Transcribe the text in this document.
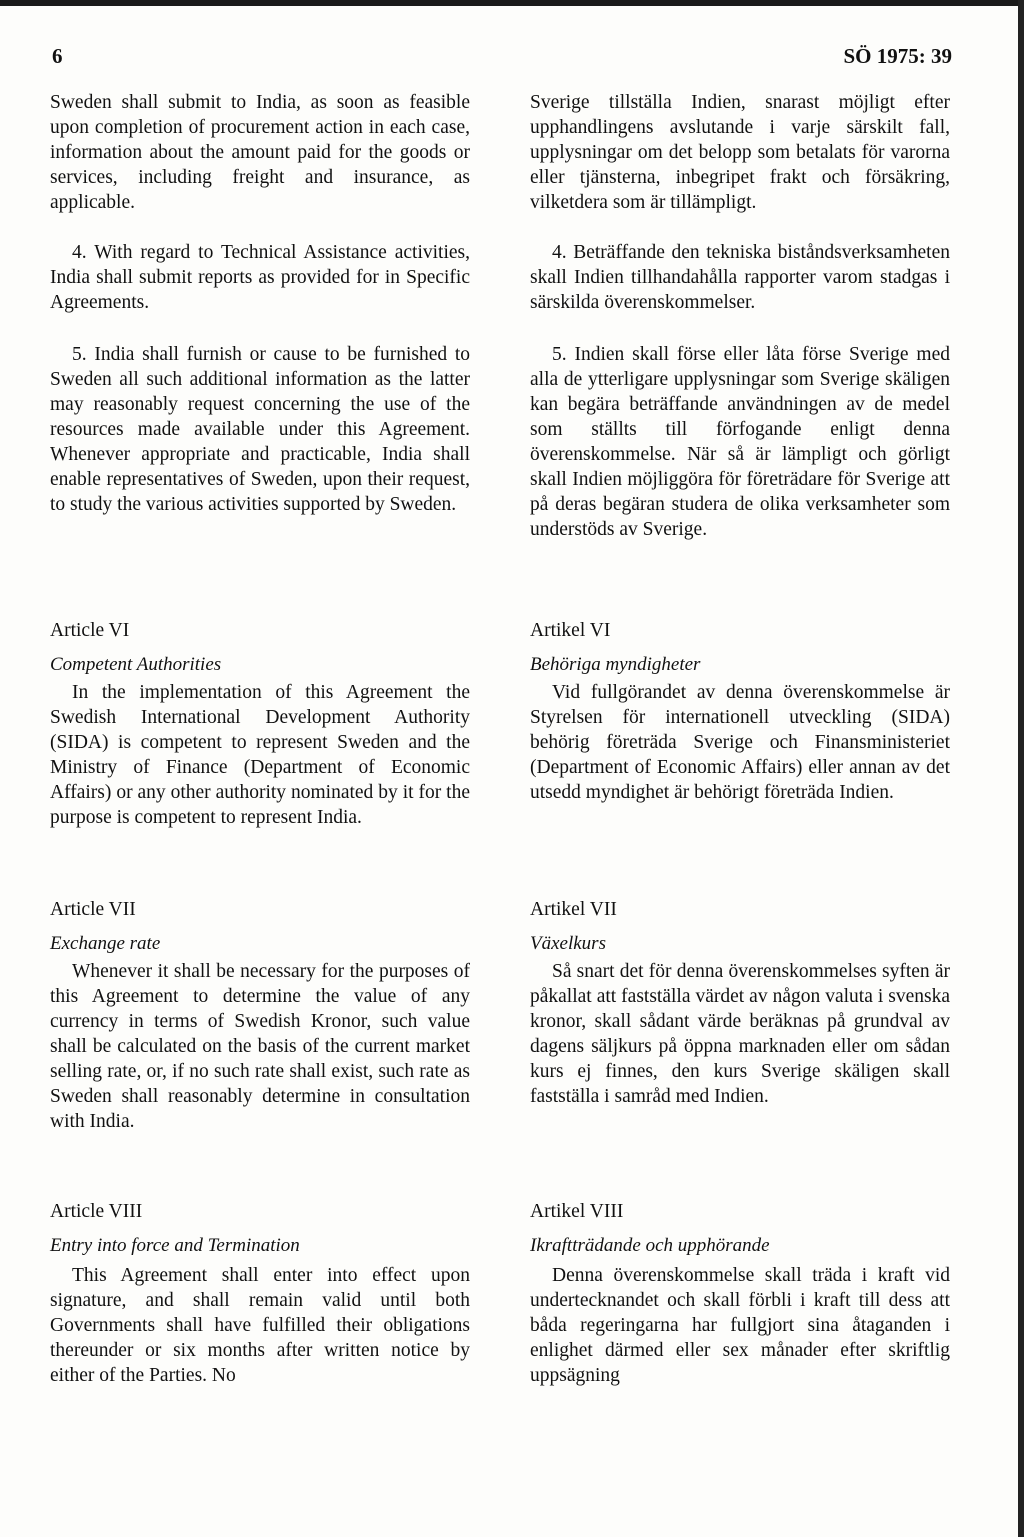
6	SÖ 1975: 39

Sweden shall submit to India, as soon as feasible upon completion of procurement action in each case, information about the amount paid for the goods or services, including freight and insurance, as applicable.

4. With regard to Technical Assistance activities, India shall submit reports as provided for in Specific Agreements.

5. India shall furnish or cause to be furnished to Sweden all such additional information as the latter may reasonably request concerning the use of the resources made available under this Agreement. Whenever appropriate and practicable, India shall enable representatives of Sweden, upon their request, to study the various activities supported by Sweden.

Article VI
Competent Authorities

In the implementation of this Agreement the Swedish International Development Authority (SIDA) is competent to represent Sweden and the Ministry of Finance (Department of Economic Affairs) or any other authority nominated by it for the purpose is competent to represent India.

Article VII
Exchange rate

Whenever it shall be necessary for the purposes of this Agreement to determine the value of any currency in terms of Swedish Kronor, such value shall be calculated on the basis of the current market selling rate, or, if no such rate shall exist, such rate as Sweden shall reasonably determine in consultation with India.

Article VIII
Entry into force and Termination

This Agreement shall enter into effect upon signature, and shall remain valid until both Governments shall have fulfilled their obligations thereunder or six months after written notice by either of the Parties. No

Sverige tillställa Indien, snarast möjligt efter upphandlingens avslutande i varje särskilt fall, upplysningar om det belopp som betalats för varorna eller tjänsterna, inbegripet frakt och försäkring, vilketdera som är tillämpligt.

4. Beträffande den tekniska biståndsverksamheten skall Indien tillhandahålla rapporter varom stadgas i särskilda överenskommelser.

5. Indien skall förse eller låta förse Sverige med alla de ytterligare upplysningar som Sverige skäligen kan begära beträffande användningen av de medel som ställts till förfogande enligt denna överenskommelse. När så är lämpligt och görligt skall Indien möjliggöra för företrädare för Sverige att på deras begäran studera de olika verksamheter som understöds av Sverige.

Artikel VI
Behöriga myndigheter

Vid fullgörandet av denna överenskommelse är Styrelsen för internationell utveckling (SIDA) behörig företräda Sverige och Finansministeriet (Department of Economic Affairs) eller annan av det utsedd myndighet är behörigt företräda Indien.

Artikel VII
Växelkurs

Så snart det för denna överenskommelses syften är påkallat att fastställa värdet av någon valuta i svenska kronor, skall sådant värde beräknas på grundval av dagens säljkurs på öppna marknaden eller om sådan kurs ej finnes, den kurs Sverige skäligen skall fastställa i samråd med Indien.

Artikel VIII
Ikraftträdande och upphörande

Denna överenskommelse skall träda i kraft vid undertecknandet och skall förbli i kraft till dess att båda regeringarna har fullgjort sina åtaganden i enlighet därmed eller sex månader efter skriftlig uppsägning
